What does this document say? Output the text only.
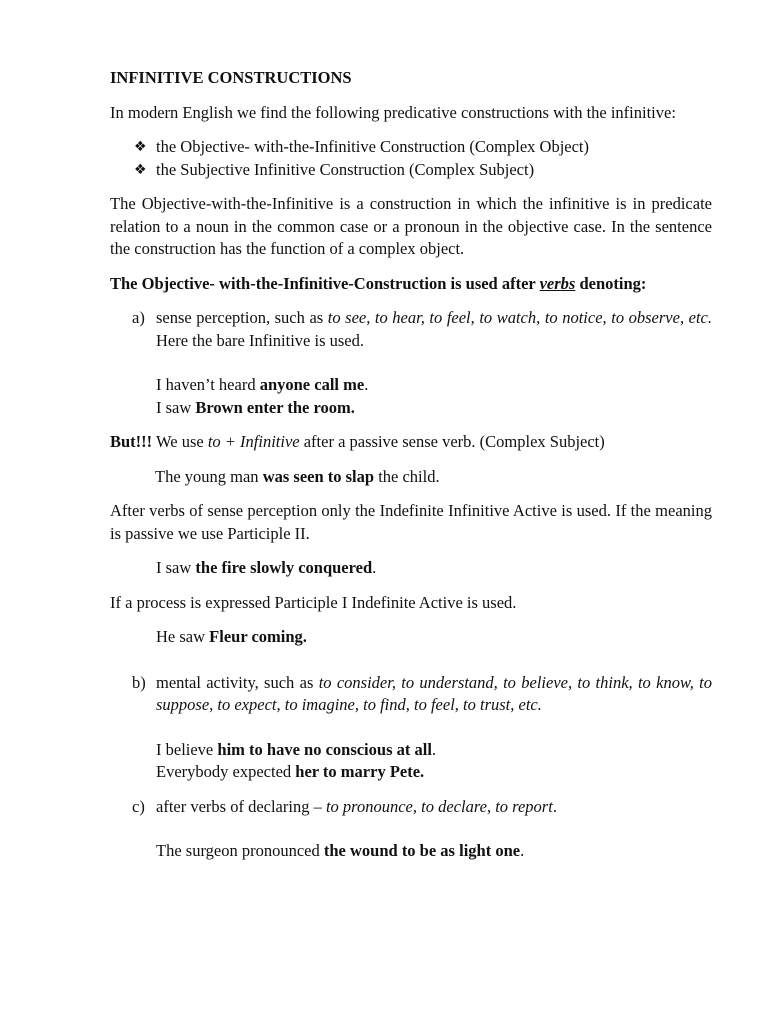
INFINITIVE CONSTRUCTIONS
In modern English we find the following predicative constructions with the infinitive:
❖ the Objective- with-the-Infinitive Construction (Complex Object)
❖ the Subjective Infinitive Construction (Complex Subject)
The Objective-with-the-Infinitive is a construction in which the infinitive is in predicate relation to a noun in the common case or a pronoun in the objective case. In the sentence the construction has the function of a complex object.
The Objective- with-the-Infinitive-Construction is used after verbs denoting:
a) sense perception, such as to see, to hear, to feel, to watch, to notice, to observe, etc. Here the bare Infinitive is used.
I haven’t heard anyone call me.
I saw Brown enter the room.
But!!! We use to + Infinitive after a passive sense verb. (Complex Subject)
The young man was seen to slap the child.
After verbs of sense perception only the Indefinite Infinitive Active is used. If the meaning is passive we use Participle II.
I saw the fire slowly conquered.
If a process is expressed Participle I Indefinite Active is used.
He saw Fleur coming.
b) mental activity, such as to consider, to understand, to believe, to think, to know, to suppose, to expect, to imagine, to find, to feel, to trust, etc.
I believe him to have no conscious at all.
Everybody expected her to marry Pete.
c) after verbs of declaring – to pronounce, to declare, to report.
The surgeon pronounced the wound to be as light one.
